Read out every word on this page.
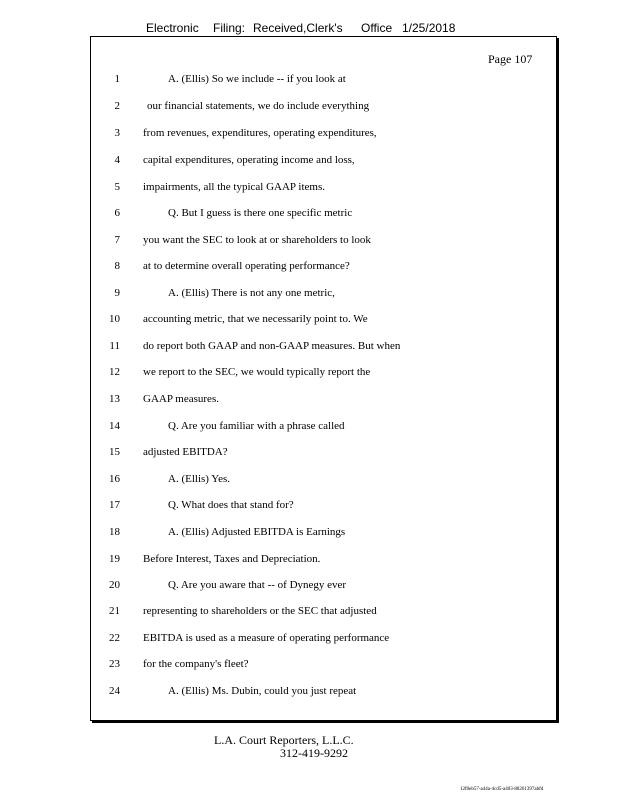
Electronic Filing: Received,Clerk's Office 1/25/2018
Page 107
1	A. (Ellis) So we include -- if you look at
2 our financial statements, we do include everything
3 from revenues, expenditures, operating expenditures,
4 capital expenditures, operating income and loss,
5 impairments, all the typical GAAP items.
6	Q. But I guess is there one specific metric
7 you want the SEC to look at or shareholders to look
8 at to determine overall operating performance?
9	A. (Ellis) There is not any one metric,
10 accounting metric, that we necessarily point to. We
11 do report both GAAP and non-GAAP measures. But when
12 we report to the SEC, we would typically report the
13 GAAP measures.
14	Q. Are you familiar with a phrase called
15 adjusted EBITDA?
16	A. (Ellis) Yes.
17	Q. What does that stand for?
18	A. (Ellis) Adjusted EBITDA is Earnings
19 Before Interest, Taxes and Depreciation.
20	Q. Are you aware that -- of Dynegy ever
21 representing to shareholders or the SEC that adjusted
22 EBITDA is used as a measure of operating performance
23 for the company's fleet?
24	A. (Ellis) Ms. Dubin, could you just repeat
L.A. Court Reporters, L.L.C.
312-419-9292
12f0eb57-a44a-4cd5-a403-88261397abfd
